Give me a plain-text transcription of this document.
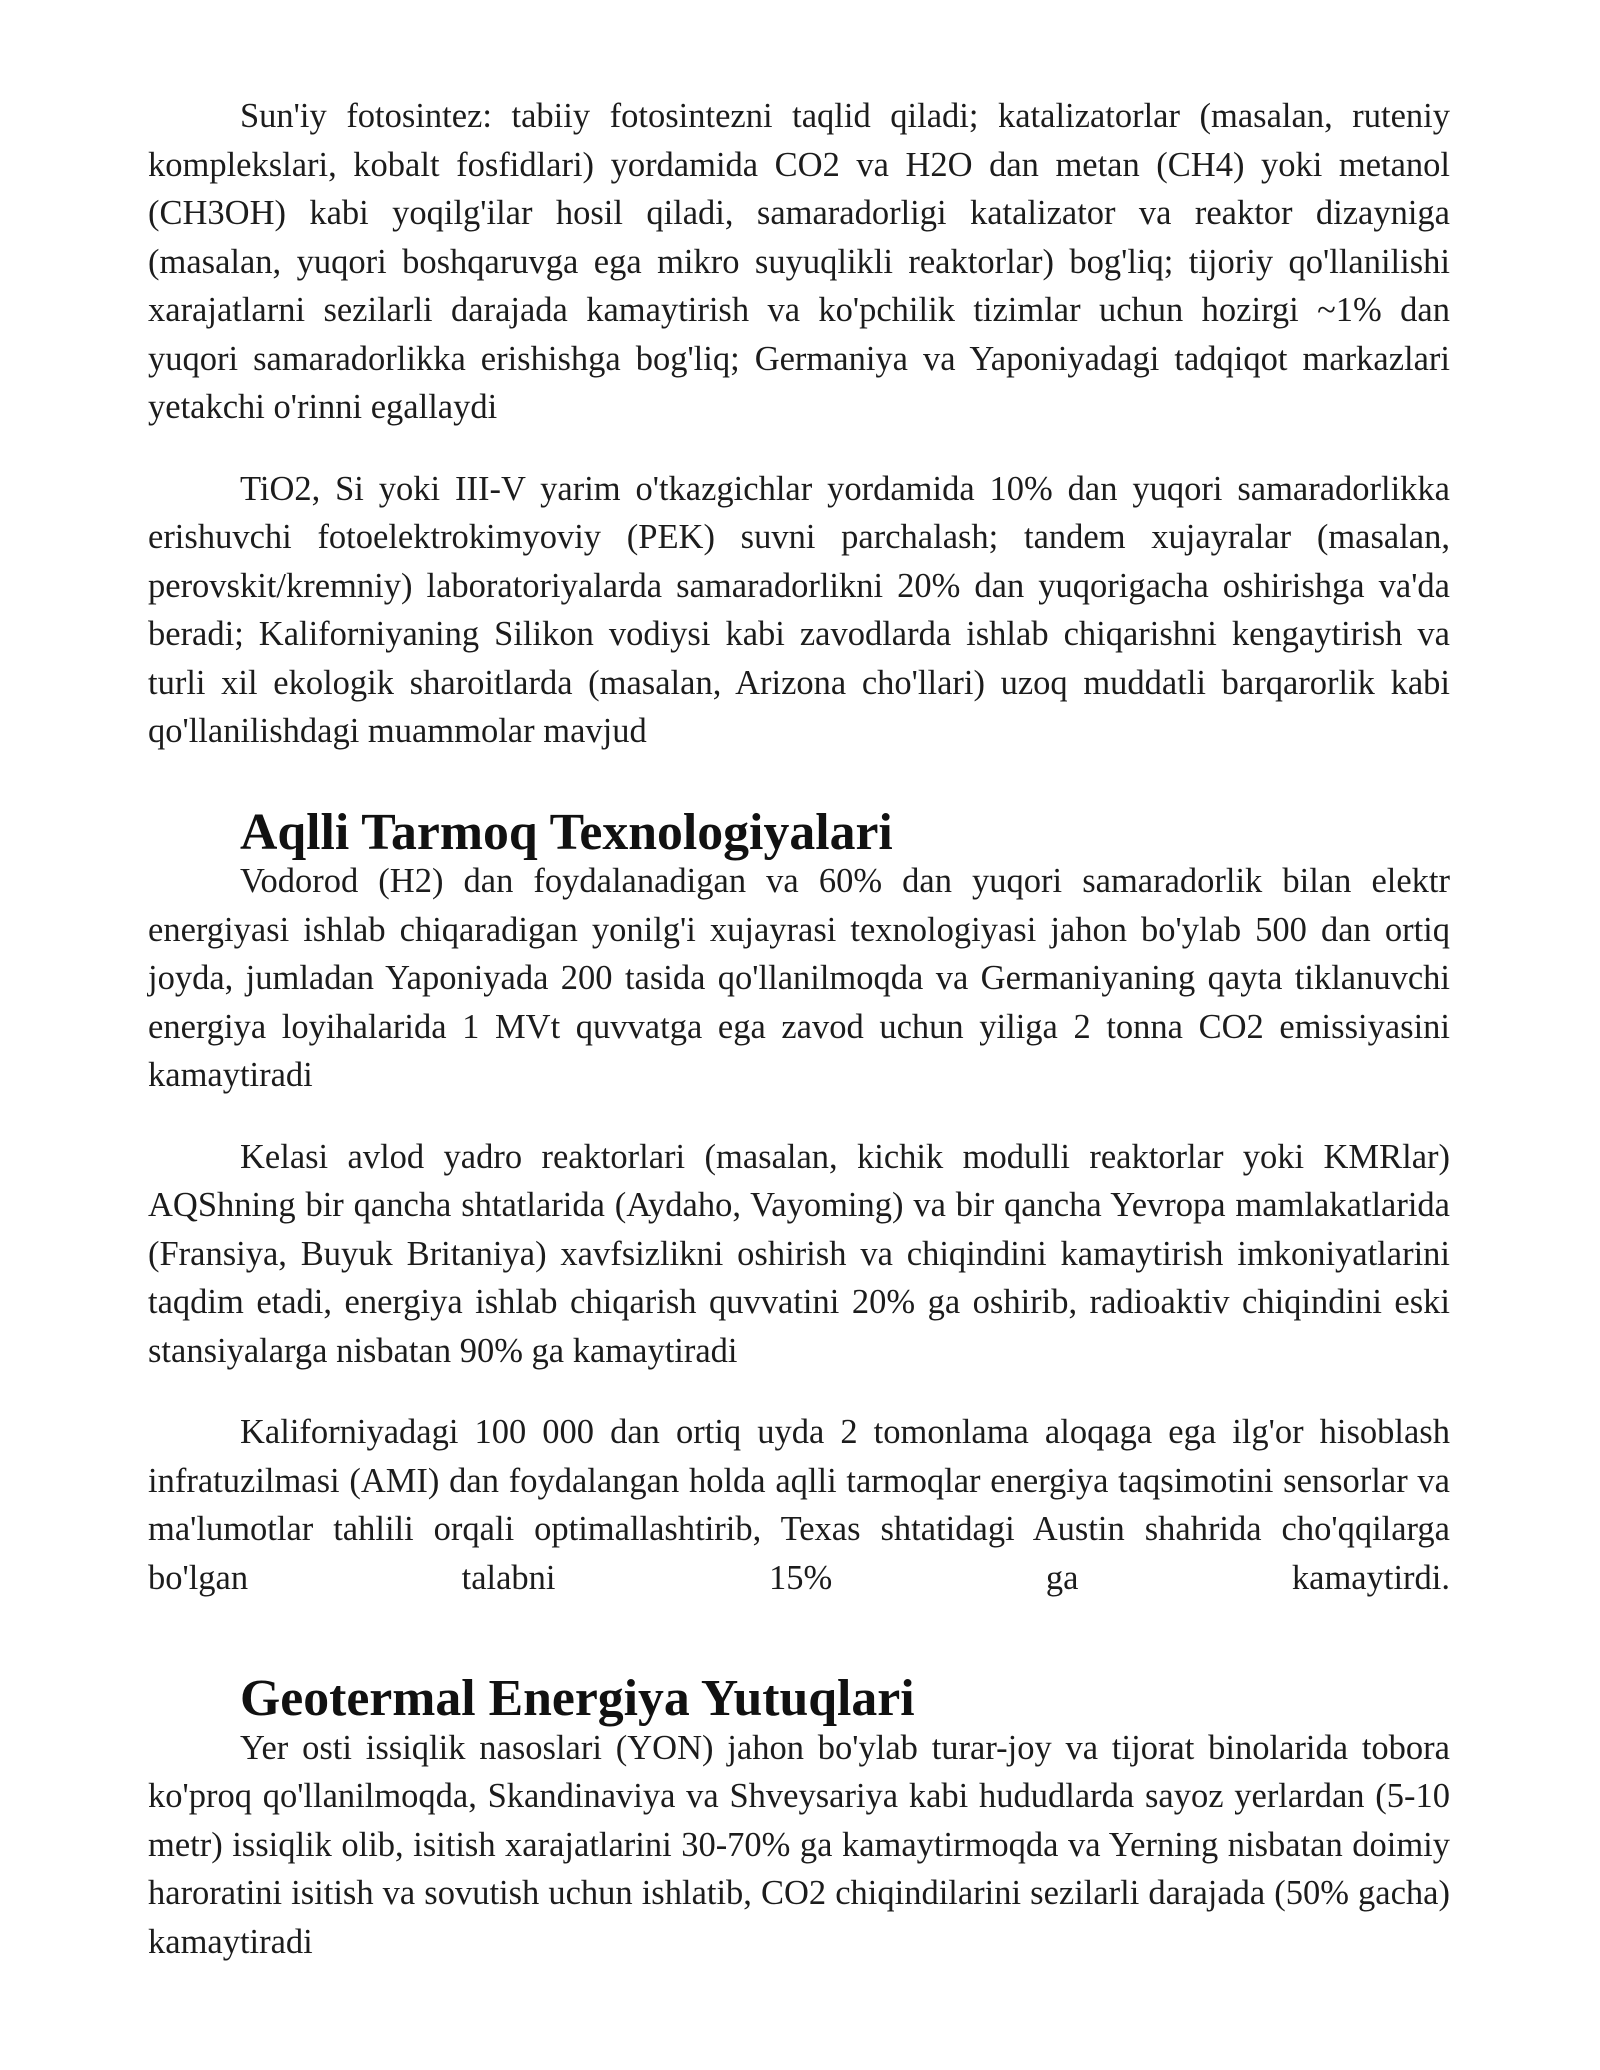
Sun'iy fotosintez: tabiiy fotosintezni taqlid qiladi; katalizatorlar (masalan, ruteniy komplekslari, kobalt fosfidlari) yordamida CO2 va H2O dan metan (CH4) yoki metanol (CH3OH) kabi yoqilg'ilar hosil qiladi, samaradorligi katalizator va reaktor dizayniga (masalan, yuqori boshqaruvga ega mikro suyuqlikli reaktorlar) bog'liq; tijoriy qo'llanilishi xarajatlarni sezilarli darajada kamaytirish va ko'pchilik tizimlar uchun hozirgi ~1% dan yuqori samaradorlikka erishishga bog'liq; Germaniya va Yaponiyadagi tadqiqot markazlari yetakchi o'rinni egallaydi

TiO2, Si yoki III-V yarim o'tkazgichlar yordamida 10% dan yuqori samaradorlikka erishuvchi fotoelektrokimyoviy (PEK) suvni parchalash; tandem xujayralar (masalan, perovskit/kremniy) laboratoriyalarda samaradorlikni 20% dan yuqorigacha oshirishga va'da beradi; Kaliforniyaning Silikon vodiysi kabi zavodlarda ishlab chiqarishni kengaytirish va turli xil ekologik sharoitlarda (masalan, Arizona cho'llari) uzoq muddatli barqarorlik kabi qo'llanilishdagi muammolar mavjud

Aqlli Tarmoq Texnologiyalari

Vodorod (H2) dan foydalanadigan va 60% dan yuqori samaradorlik bilan elektr energiyasi ishlab chiqaradigan yonilg'i xujayrasi texnologiyasi jahon bo'ylab 500 dan ortiq joyda, jumladan Yaponiyada 200 tasida qo'llanilmoqda va Germaniyaning qayta tiklanuvchi energiya loyihalarida 1 MVt quvvatga ega zavod uchun yiliga 2 tonna CO2 emissiyasini kamaytiradi

Kelasi avlod yadro reaktorlari (masalan, kichik modulli reaktorlar yoki KMRlar) AQShning bir qancha shtatlarida (Aydaho, Vayoming) va bir qancha Yevropa mamlakatlarida (Fransiya, Buyuk Britaniya) xavfsizlikni oshirish va chiqindini kamaytirish imkoniyatlarini taqdim etadi, energiya ishlab chiqarish quvvatini 20% ga oshirib, radioaktiv chiqindini eski stansiyalarga nisbatan 90% ga kamaytiradi

Kaliforniyadagi 100 000 dan ortiq uyda 2 tomonlama aloqaga ega ilg'or hisoblash infratuzilmasi (AMI) dan foydalangan holda aqlli tarmoqlar energiya taqsimotini sensorlar va ma'lumotlar tahlili orqali optimallashtirib, Texas shtatidagi Austin shahrida cho'qqilarga bo'lgan talabni 15% ga kamaytirdi.

Geotermal Energiya Yutuqlari

Yer osti issiqlik nasoslari (YON) jahon bo'ylab turar-joy va tijorat binolarida tobora ko'proq qo'llanilmoqda, Skandinaviya va Shveysariya kabi hududlarda sayoz yerlardan (5-10 metr) issiqlik olib, isitish xarajatlarini 30-70% ga kamaytirmoqda va Yerning nisbatan doimiy haroratini isitish va sovutish uchun ishlatib, CO2 chiqindilarini sezilarli darajada (50% gacha) kamaytiradi
